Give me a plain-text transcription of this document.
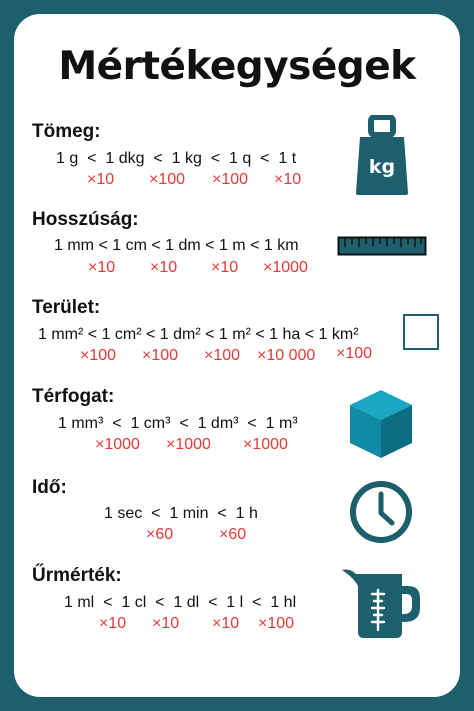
Mértékegységek
Tömeg:
1 g  <  1 dkg  <  1 kg  <  1 q  <  1 t
×10 ×100 ×100 ×10
kg
Hosszúság:
1 mm < 1 cm < 1 dm < 1 m < 1 km
×10 ×10 ×10 ×1000
Terület:
1 mm² < 1 cm² < 1 dm² < 1 m² < 1 ha < 1 km²
×100 ×100 ×100 ×10 000 ×100
Térfogat:
1 mm³  <  1 cm³  <  1 dm³  <  1 m³
×1000 ×1000 ×1000
Idő:
1 sec  <  1 min  <  1 h
×60	×60
Űrmérték:
1 ml  <  1 cl  <  1 dl  <  1 l  <  1 hl
×10 ×10 ×10 ×100
